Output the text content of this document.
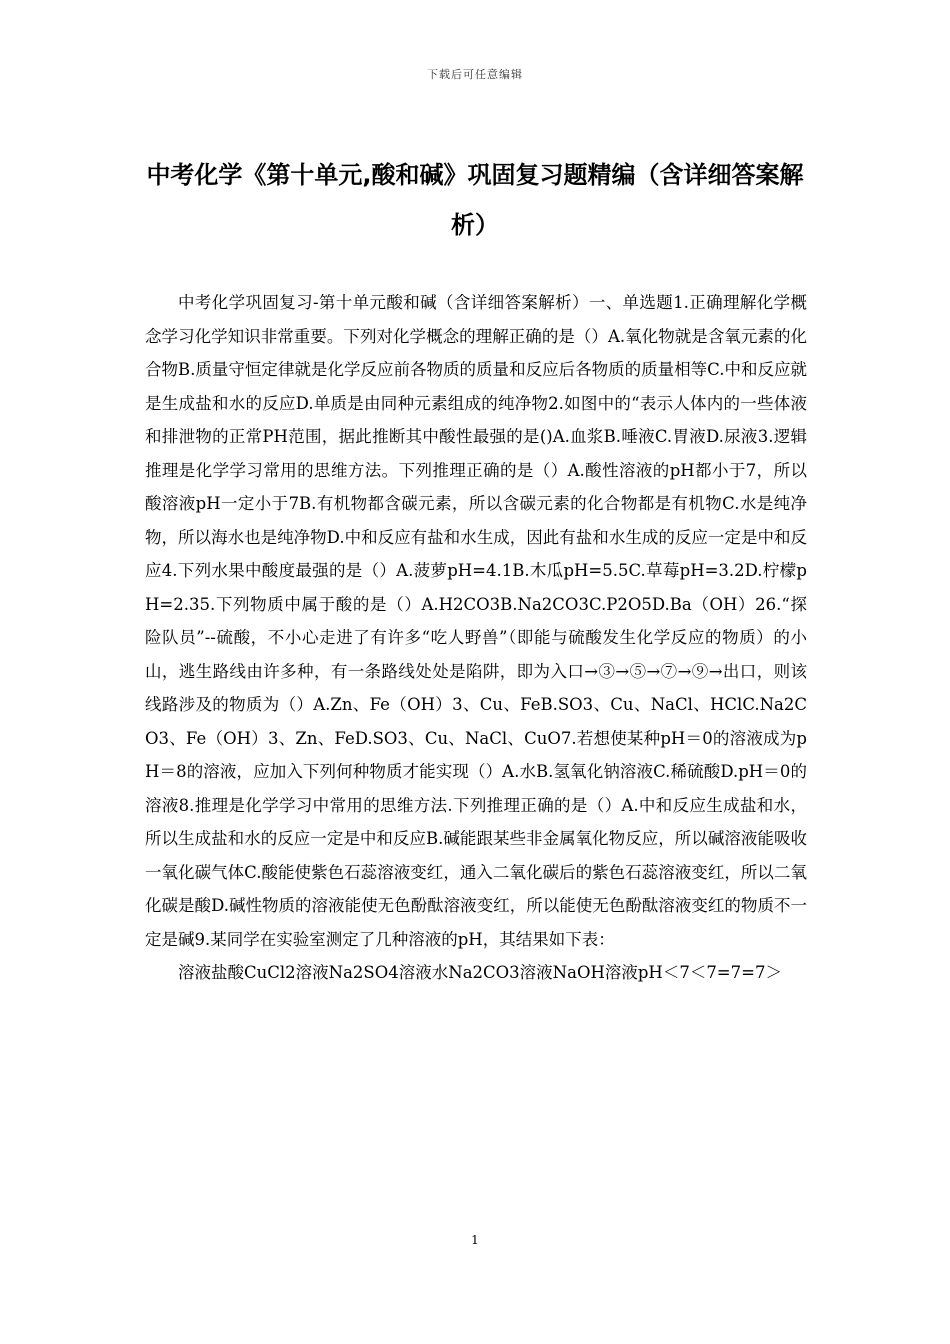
下载后可任意编辑
中考化学《第十单元,酸和碱》巩固复习题精编（含详细答案解析）

中考化学巩固复习-第十单元酸和碱（含详细答案解析）一、单选题1.正确理解化学概念学习化学知识非常重要。下列对化学概念的理解正确的是（）A.氧化物就是含氧元素的化合物B.质量守恒定律就是化学反应前各物质的质量和反应后各物质的质量相等C.中和反应就是生成盐和水的反应D.单质是由同种元素组成的纯净物2.如图中的“表示人体内的一些体液和排泄物的正常PH范围，据此推断其中酸性最强的是()A.血浆B.唾液C.胃液D.尿液3.逻辑推理是化学学习常用的思维方法。下列推理正确的是（）A.酸性溶液的pH都小于7，所以酸溶液pH一定小于7B.有机物都含碳元素，所以含碳元素的化合物都是有机物C.水是纯净物，所以海水也是纯净物D.中和反应有盐和水生成，因此有盐和水生成的反应一定是中和反应4.下列水果中酸度最强的是（）A.菠萝pH=4.1B.木瓜pH=5.5C.草莓pH=3.2D.柠檬pH=2.35.下列物质中属于酸的是（）A.H2CO3B.Na2CO3C.P2O5D.Ba（OH）26.“探险队员”--硫酸，不小心走进了有许多“吃人野兽”（即能与硫酸发生化学反应的物质）的小山，逃生路线由许多种，有一条路线处处是陷阱，即为入口→③→⑤→⑦→⑨→出口，则该线路涉及的物质为（）A.Zn、Fe（OH）3、Cu、FeB.SO3、Cu、NaCl、HClC.Na2CO3、Fe（OH）3、Zn、FeD.SO3、Cu、NaCl、CuO7.若想使某种pH＝0的溶液成为pH＝8的溶液，应加入下列何种物质才能实现（）A.水B.氢氧化钠溶液C.稀硫酸D.pH＝0的溶液8.推理是化学学习中常用的思维方法.下列推理正确的是（）A.中和反应生成盐和水，所以生成盐和水的反应一定是中和反应B.碱能跟某些非金属氧化物反应，所以碱溶液能吸收一氧化碳气体C.酸能使紫色石蕊溶液变红，通入二氧化碳后的紫色石蕊溶液变红，所以二氧化碳是酸D.碱性物质的溶液能使无色酚酞溶液变红，所以能使无色酚酞溶液变红的物质不一定是碱9.某同学在实验室测定了几种溶液的pH，其结果如下表：

溶液盐酸CuCl2溶液Na2SO4溶液水Na2CO3溶液NaOH溶液pH＜7＜7=7=7＞

1
